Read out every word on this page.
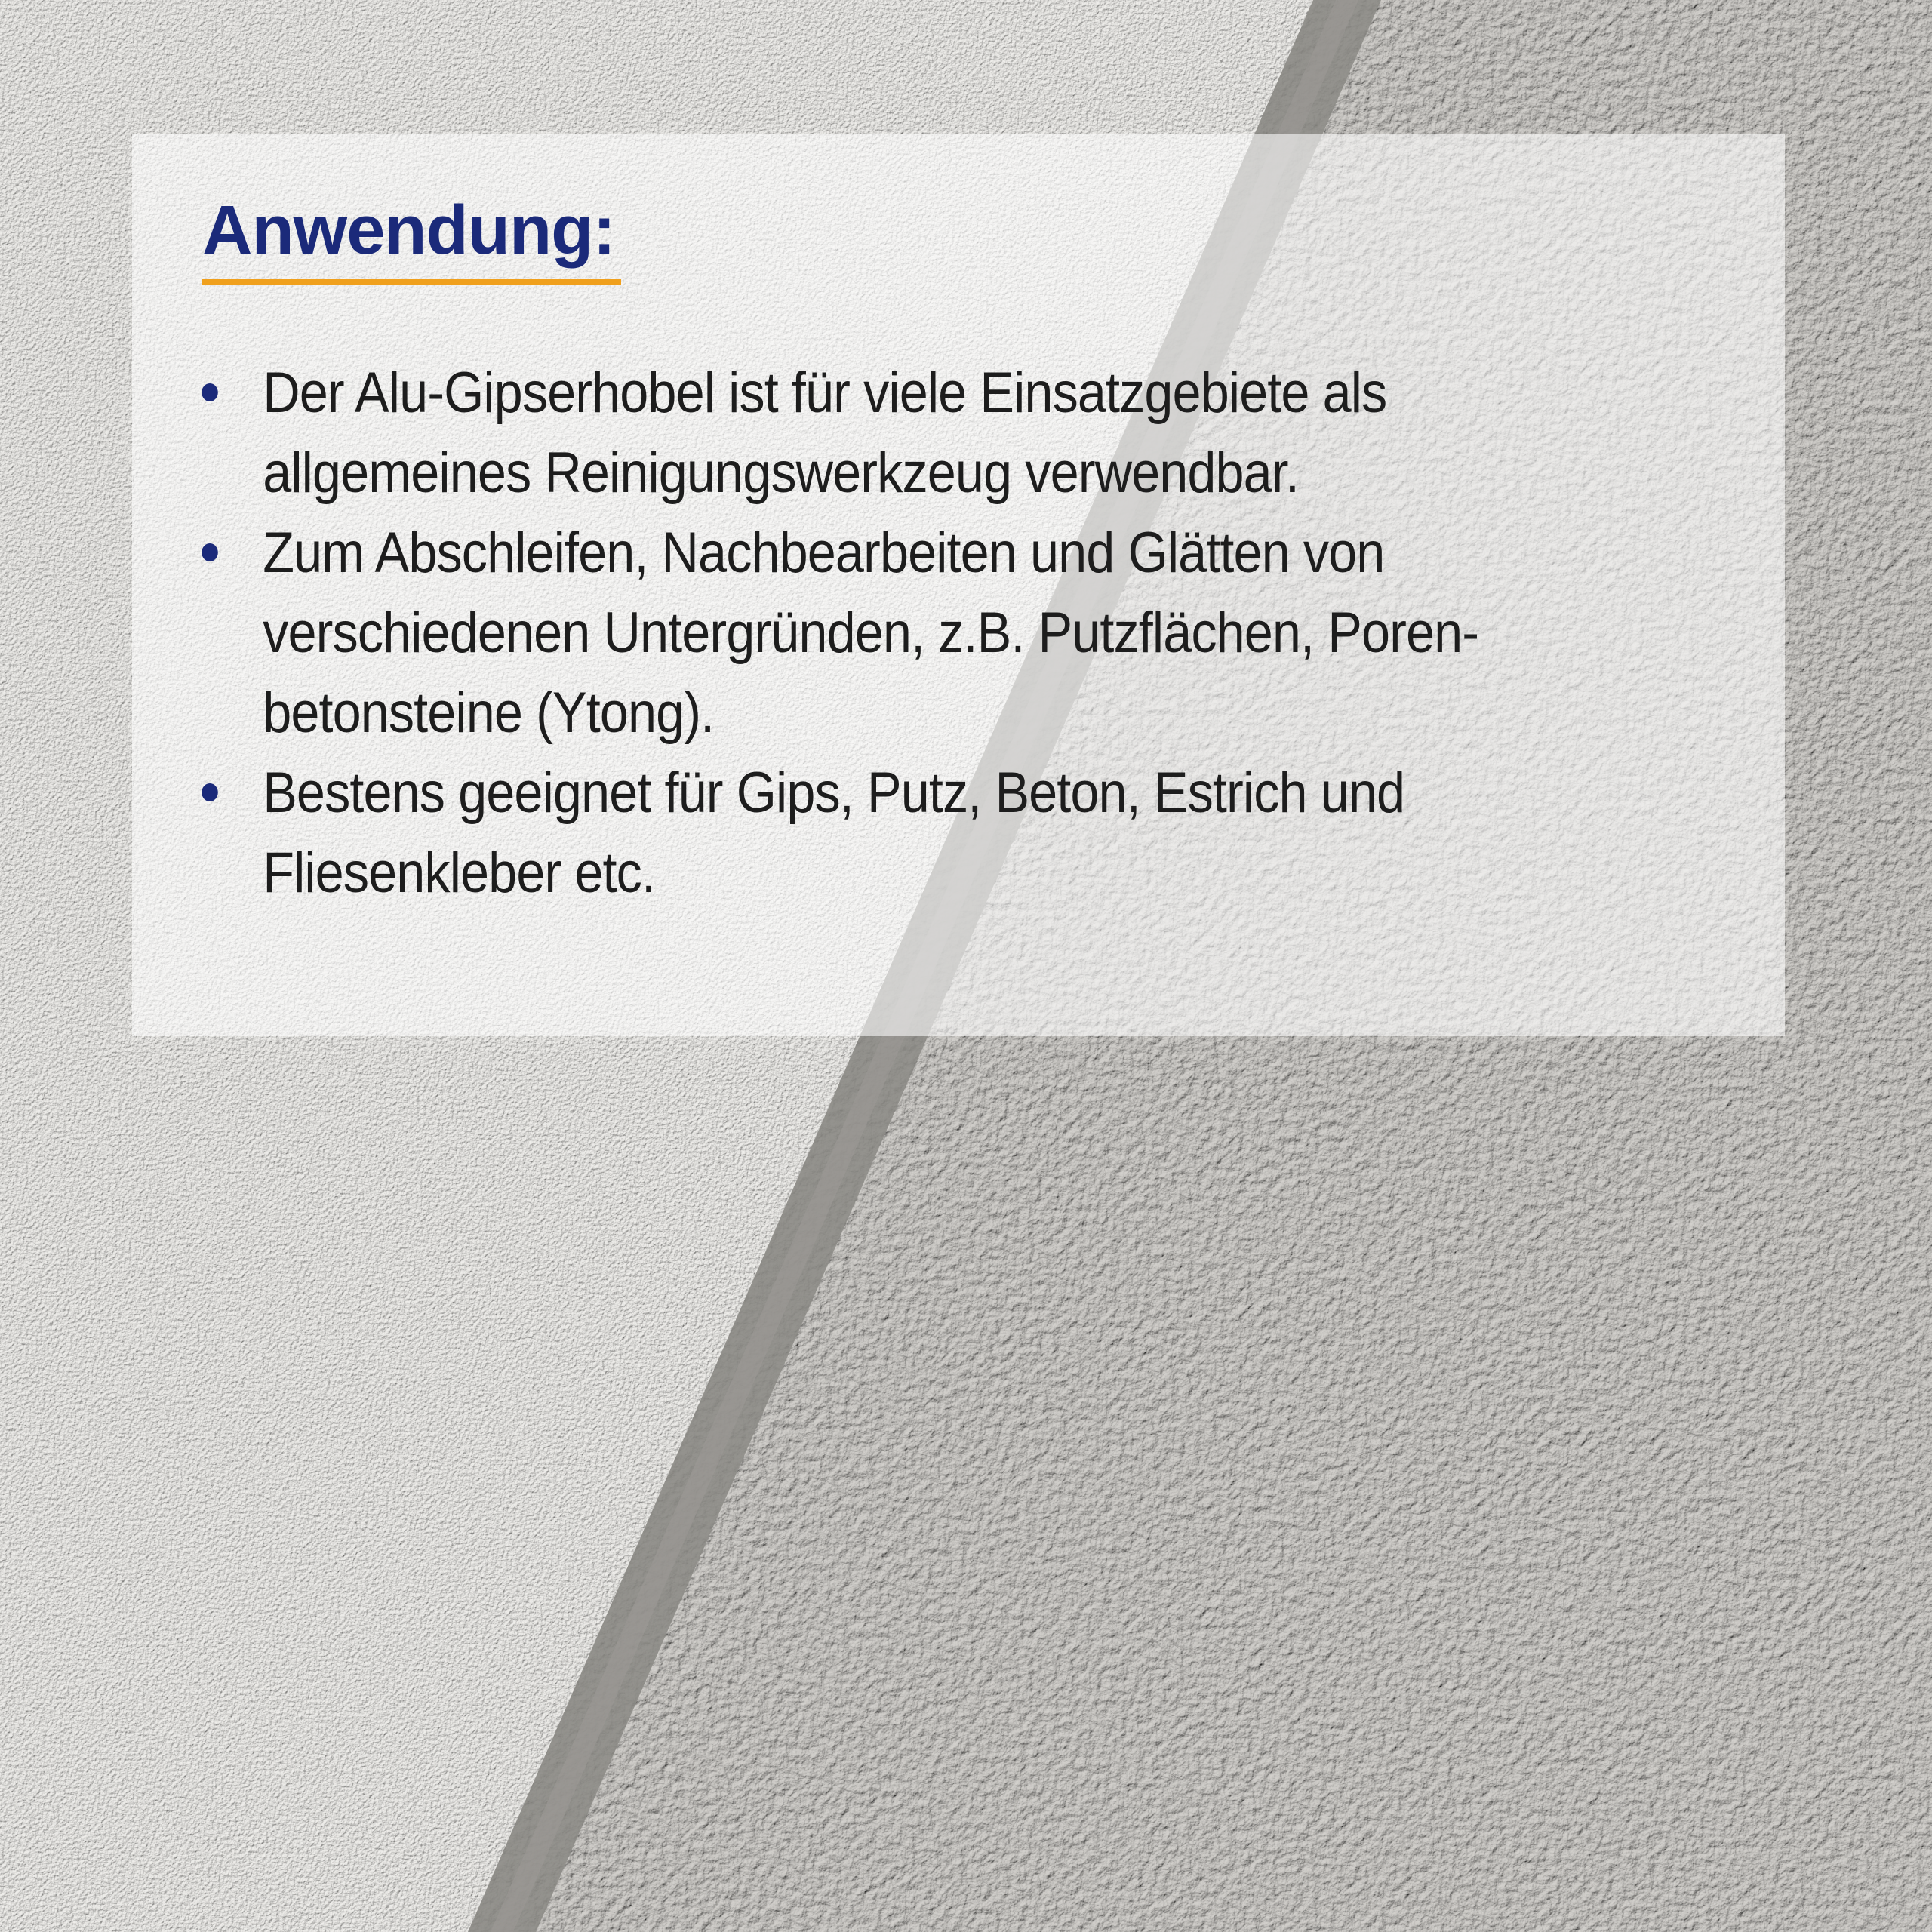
Anwendung:
Der Alu-Gipserhobel ist für viele Einsatzgebiete als
allgemeines Reinigungswerkzeug verwendbar.
Zum Abschleifen, Nachbearbeiten und Glätten von
verschiedenen Untergründen, z.B. Putzflächen, Poren-
betonsteine (Ytong).
Bestens geeignet für Gips, Putz, Beton, Estrich und
Fliesenkleber etc.
